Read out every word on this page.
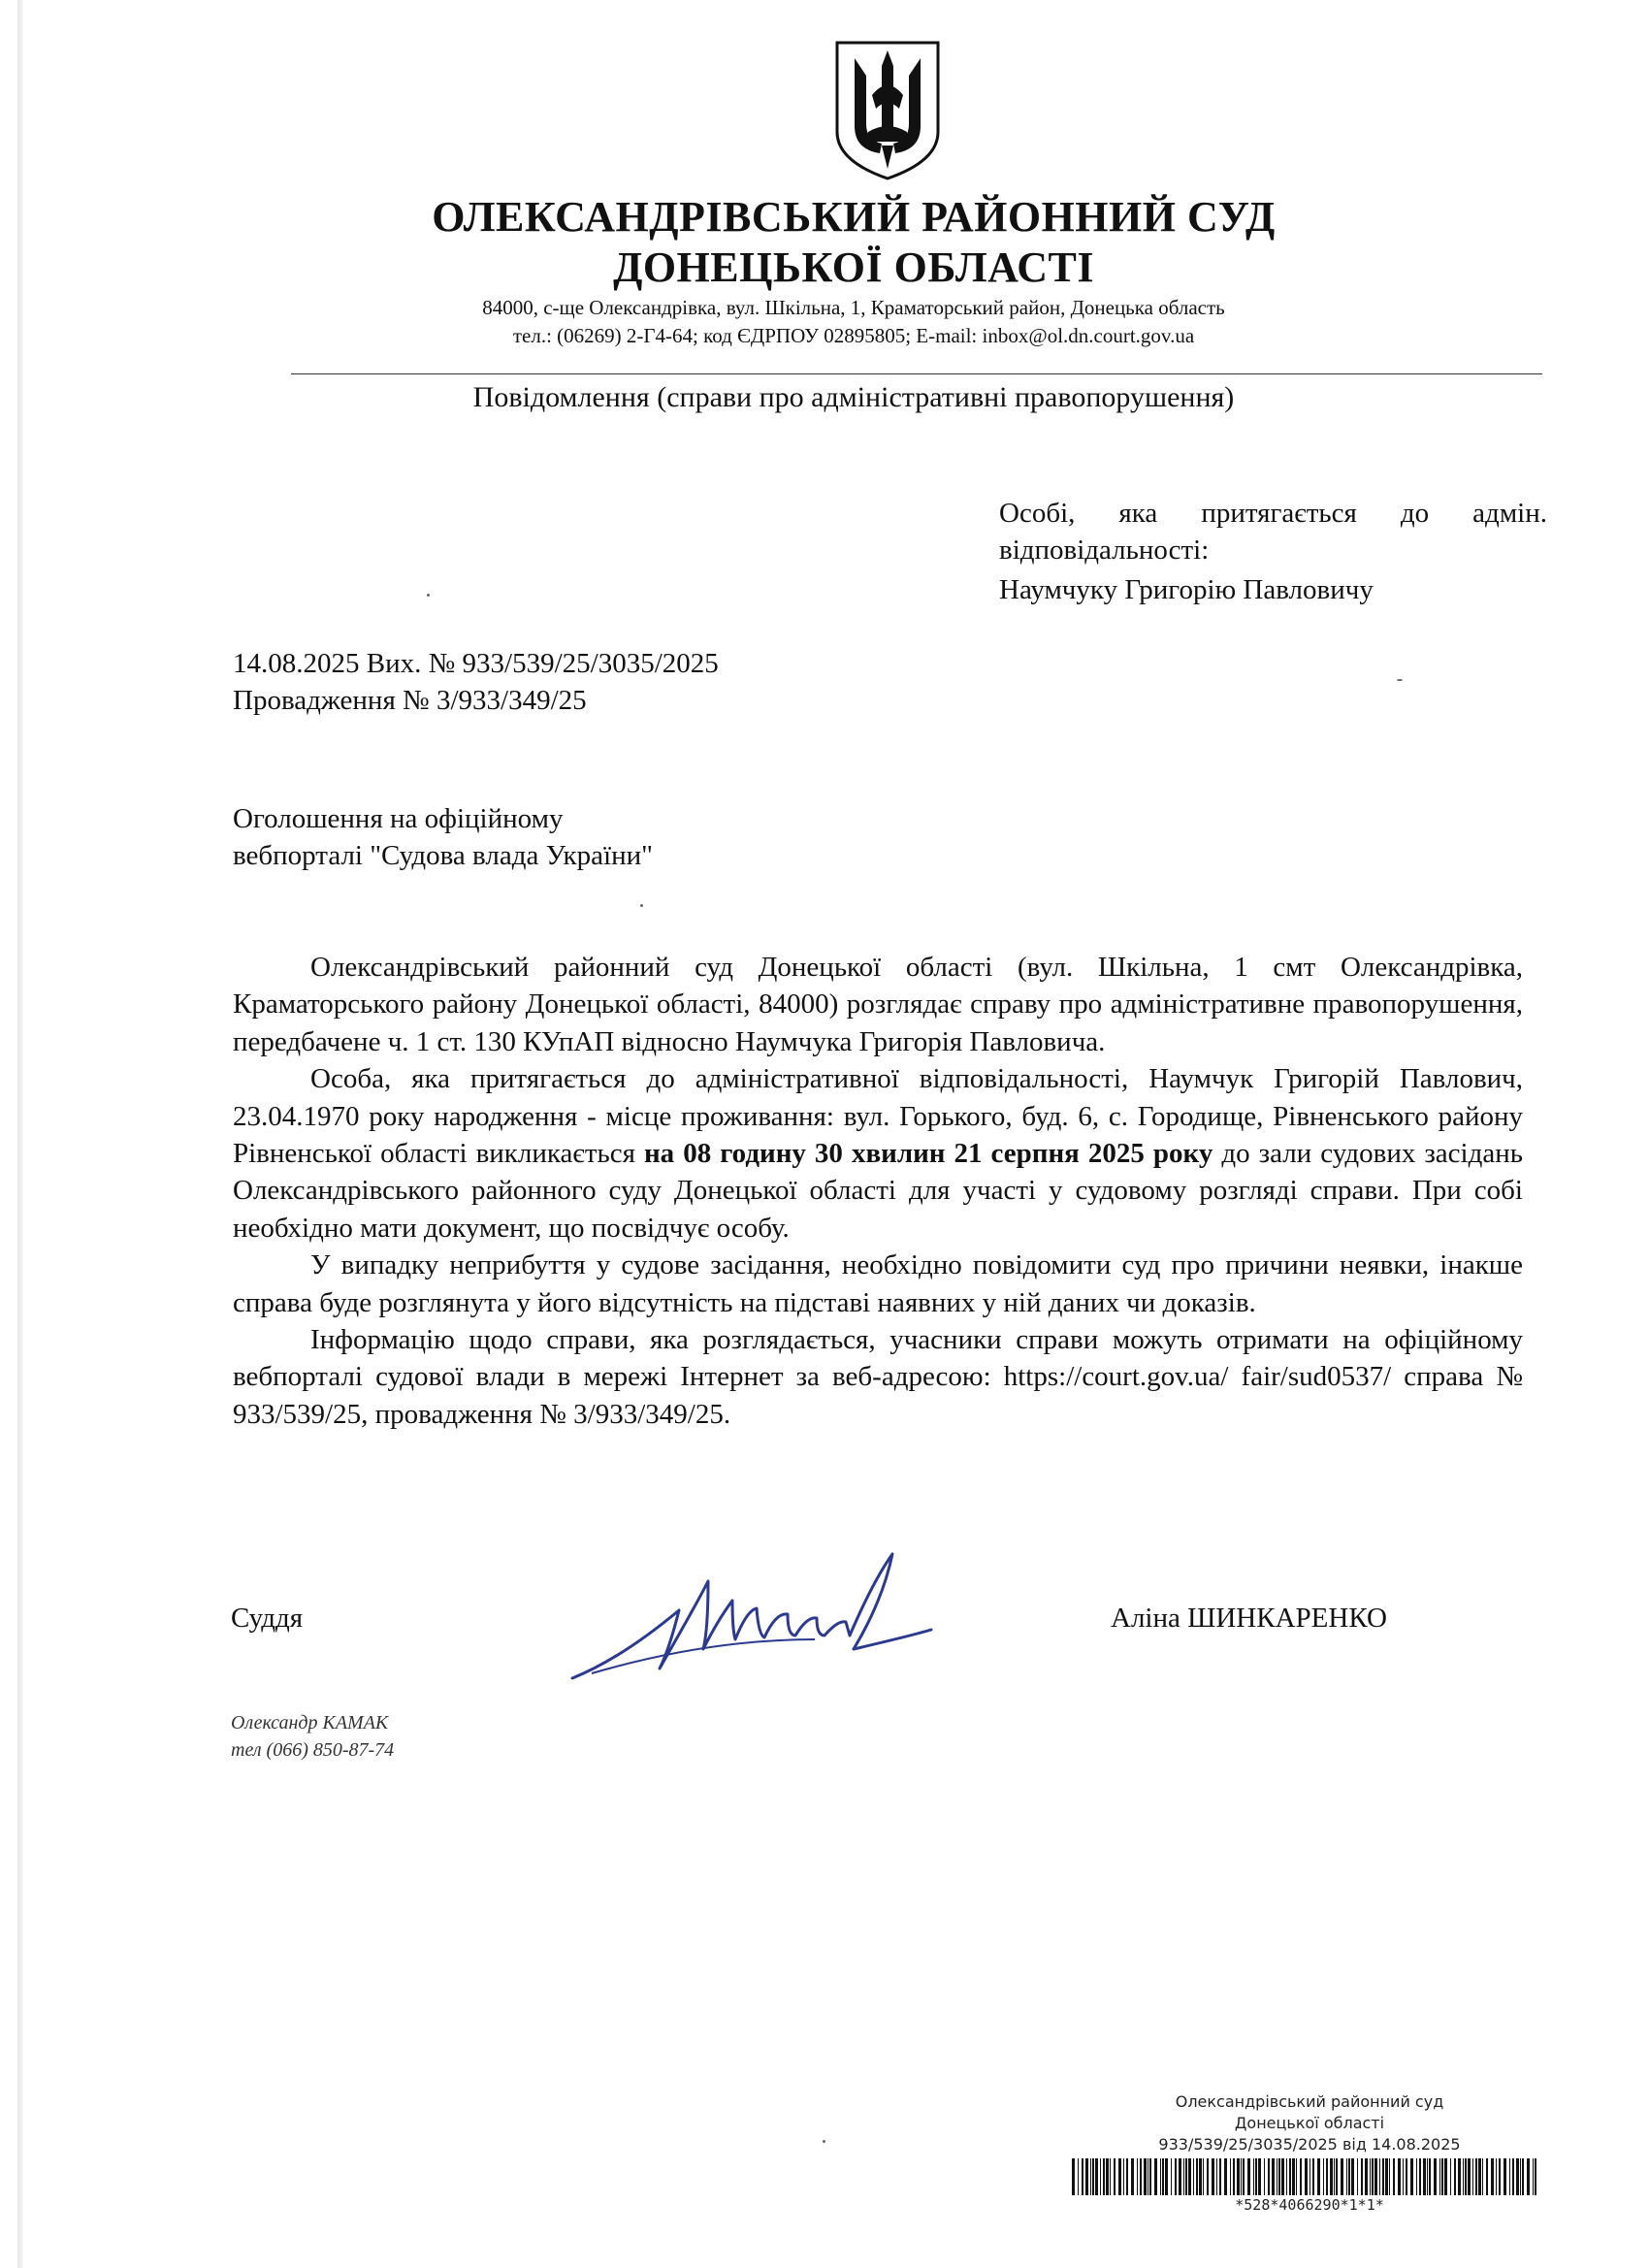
ОЛЕКСАНДРІВСЬКИЙ РАЙОННИЙ СУД
ДОНЕЦЬКОЇ ОБЛАСТІ
84000, с-ще Олександрівка, вул. Шкільна, 1, Краматорський район, Донецька область
тел.: (06269) 2-Г4-64; код ЄДРПОУ 02895805; E-mail: inbox@ol.dn.court.gov.ua
Повідомлення (справи про адміністративні правопорушення)
Особі, яка притягається до адмін.
відповідальності:
Наумчуку Григорію Павловичу
14.08.2025 Вих. № 933/539/25/3035/2025
Провадження № 3/933/349/25
Оголошення на офіційному
вебпорталі "Судова влада України"

Олександрівський районний суд Донецької області (вул. Шкільна, 1 смт Олександрівка, Краматорського району Донецької області, 84000) розглядає справу про адміністративне правопорушення, передбачене ч. 1 ст. 130 КУпАП відносно Наумчука Григорія Павловича.

Особа, яка притягається до адміністративної відповідальності, Наумчук Григорій Павлович, 23.04.1970 року народження - місце проживання: вул. Горького, буд. 6, с. Городище, Рівненського району Рівненської області викликається на 08 годину 30 хвилин 21 серпня 2025 року до зали судових засідань Олександрівського районного суду Донецької області для участі у судовому розгляді справи. При собі необхідно мати документ, що посвідчує особу.

У випадку неприбуття у судове засідання, необхідно повідомити суд про причини неявки, інакше справа буде розглянута у його відсутність на підставі наявних у ній даних чи доказів.

Інформацію щодо справи, яка розглядається, учасники справи можуть отримати на офіційному вебпорталі судової влади в мережі Інтернет за веб-адресою: https://court.gov.ua/ fair/sud0537/ справа № 933/539/25, провадження № 3/933/349/25.

Суддя	Аліна ШИНКАРЕНКО
Олександр КАМАК
тел (066) 850-87-74
Олександрівський районний суд
Донецької області
933/539/25/3035/2025 від 14.08.2025
*528*4066290*1*1*
